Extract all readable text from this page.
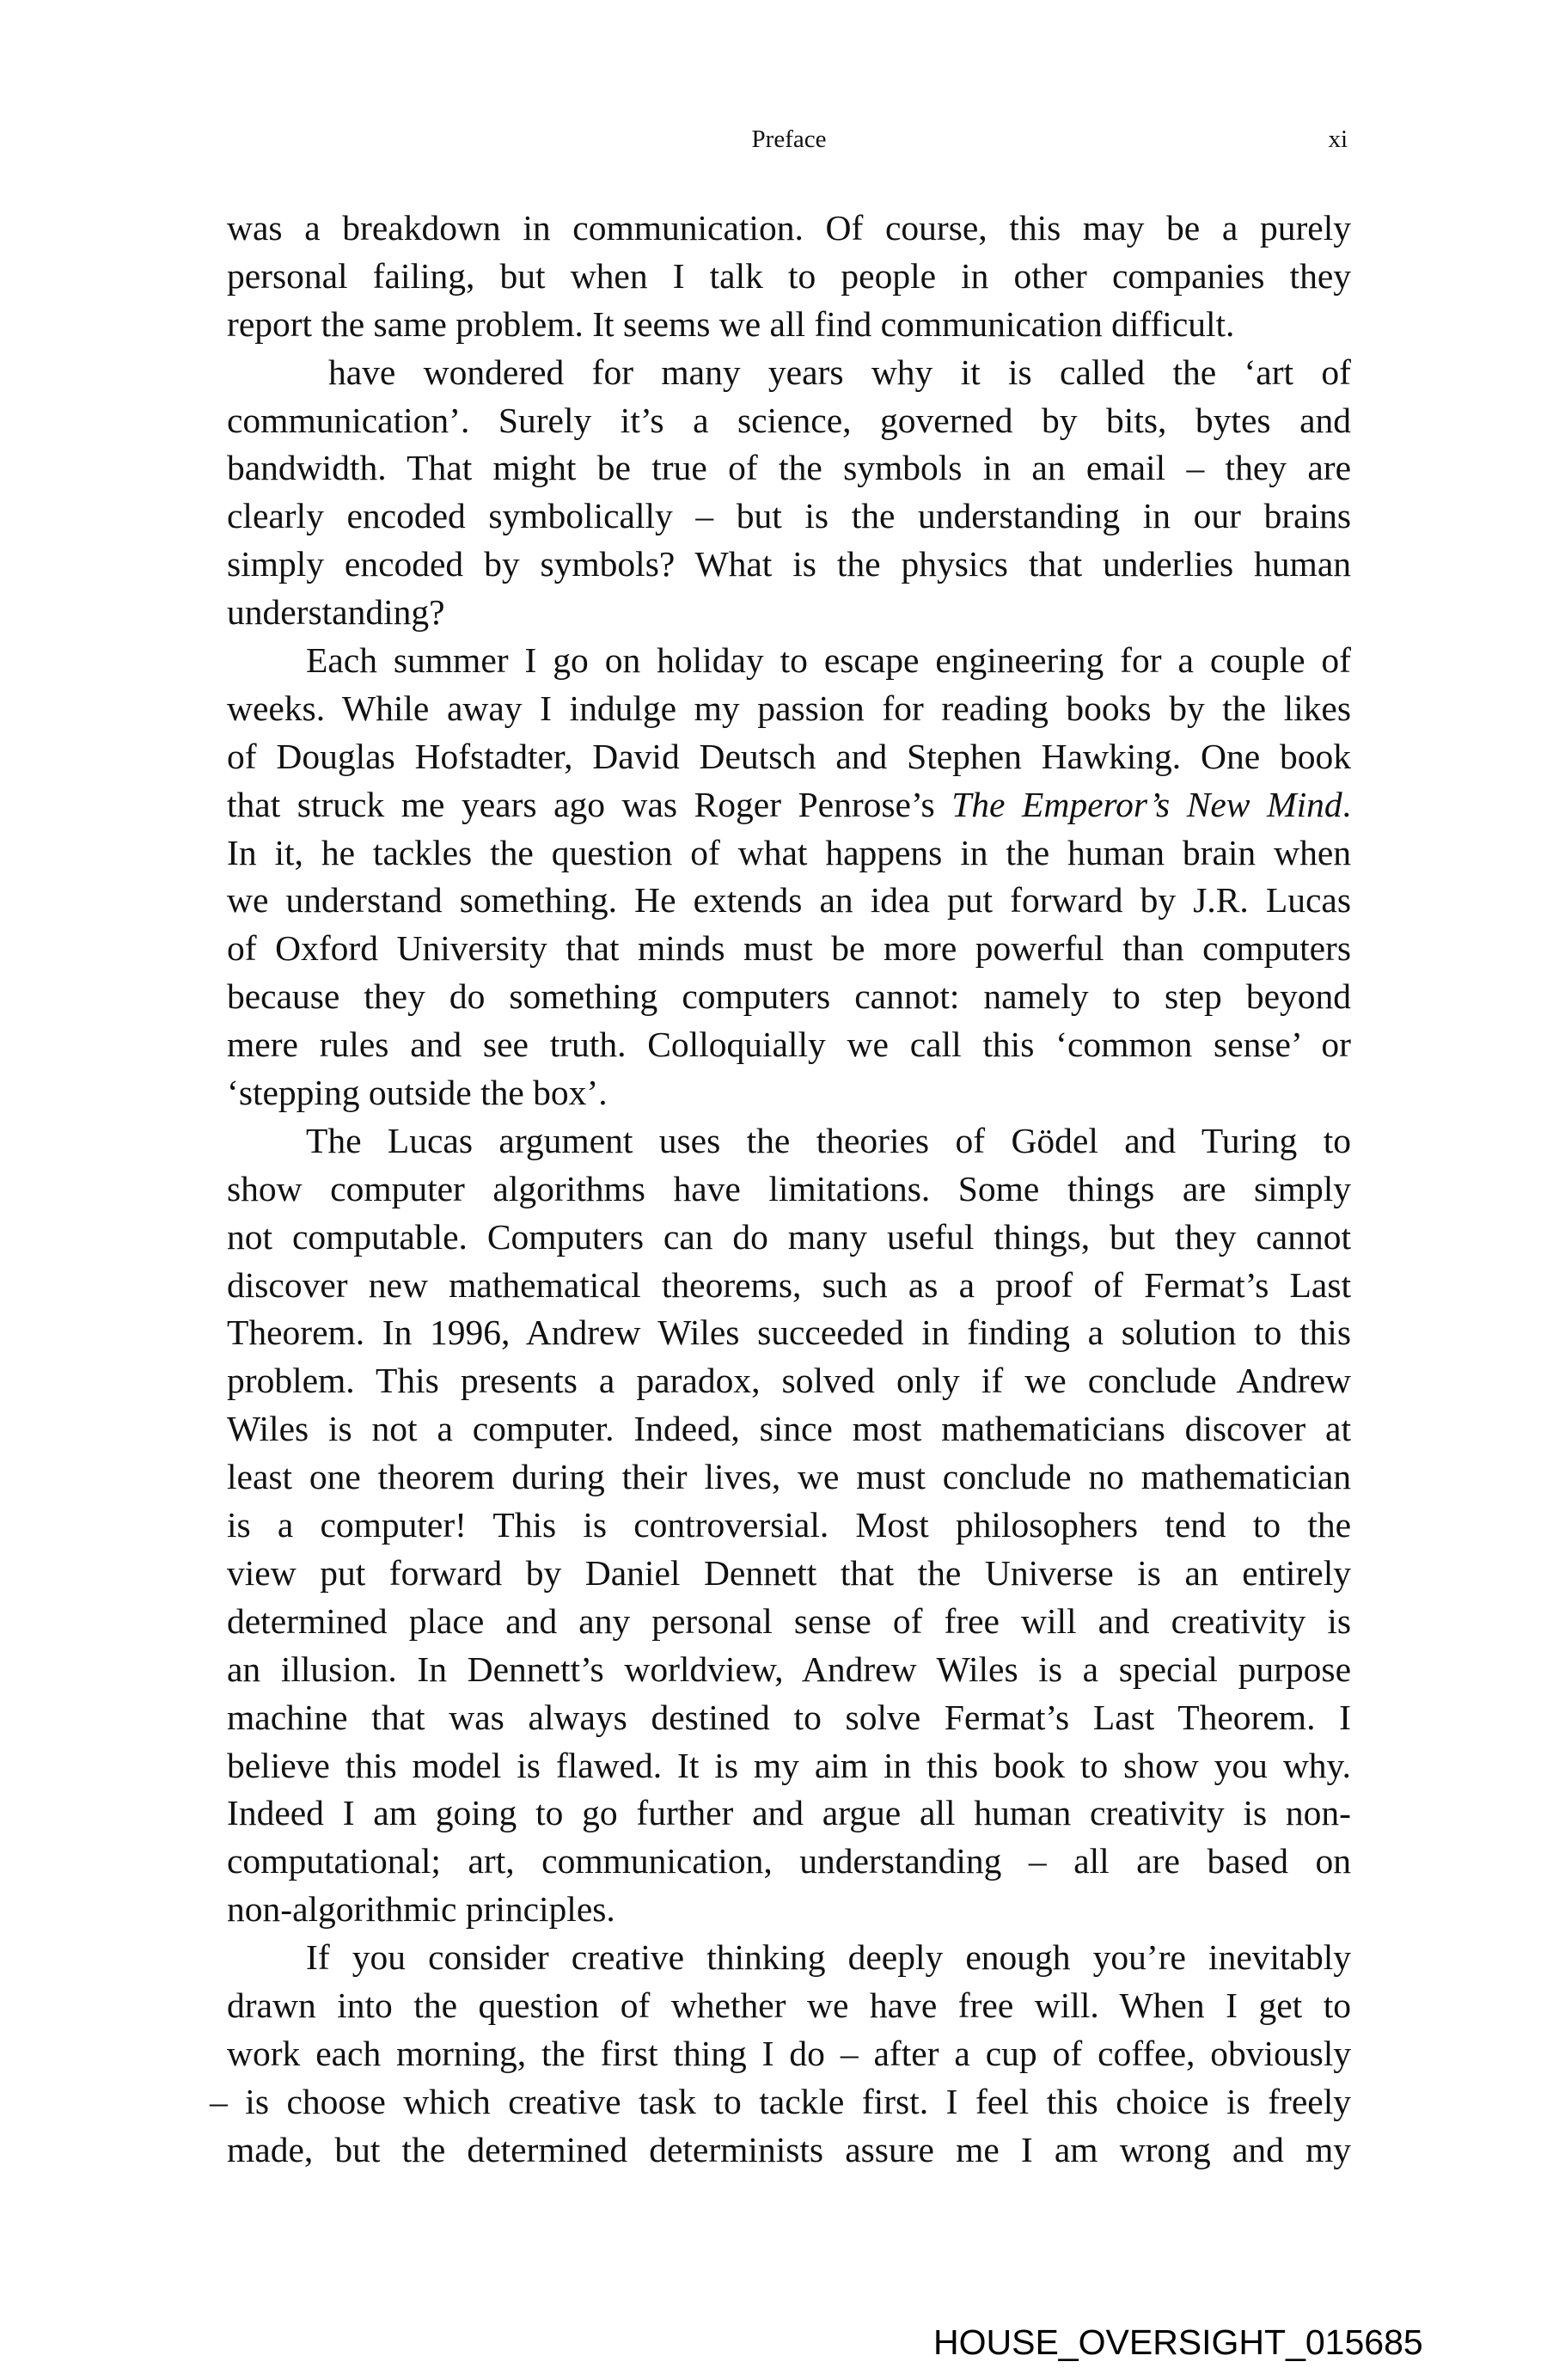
Preface	xi
was a breakdown in communication. Of course, this may be a purely
personal failing, but when I talk to people in other companies they
report the same problem. It seems we all find communication difficult.
have wondered for many years why it is called the ‘art of
communication’. Surely it’s a science, governed by bits, bytes and
bandwidth. That might be true of the symbols in an email – they are
clearly encoded symbolically – but is the understanding in our brains
simply encoded by symbols? What is the physics that underlies human
understanding?
Each summer I go on holiday to escape engineering for a couple of
weeks. While away I indulge my passion for reading books by the likes
of Douglas Hofstadter, David Deutsch and Stephen Hawking. One book
that struck me years ago was Roger Penrose’s The Emperor’s New Mind.
In it, he tackles the question of what happens in the human brain when
we understand something. He extends an idea put forward by J.R. Lucas
of Oxford University that minds must be more powerful than computers
because they do something computers cannot: namely to step beyond
mere rules and see truth. Colloquially we call this ‘common sense’ or
‘stepping outside the box’.
The Lucas argument uses the theories of Gödel and Turing to
show computer algorithms have limitations. Some things are simply
not computable. Computers can do many useful things, but they cannot
discover new mathematical theorems, such as a proof of Fermat’s Last
Theorem. In 1996, Andrew Wiles succeeded in finding a solution to this
problem. This presents a paradox, solved only if we conclude Andrew
Wiles is not a computer. Indeed, since most mathematicians discover at
least one theorem during their lives, we must conclude no mathematician
is a computer! This is controversial. Most philosophers tend to the
view put forward by Daniel Dennett that the Universe is an entirely
determined place and any personal sense of free will and creativity is
an illusion. In Dennett’s worldview, Andrew Wiles is a special purpose
machine that was always destined to solve Fermat’s Last Theorem. I
believe this model is flawed. It is my aim in this book to show you why.
Indeed I am going to go further and argue all human creativity is non-
computational; art, communication, understanding – all are based on
non-algorithmic principles.
If you consider creative thinking deeply enough you’re inevitably
drawn into the question of whether we have free will. When I get to
work each morning, the first thing I do – after a cup of coffee, obviously
– is choose which creative task to tackle first. I feel this choice is freely
made, but the determined determinists assure me I am wrong and my
HOUSE_OVERSIGHT_015685
